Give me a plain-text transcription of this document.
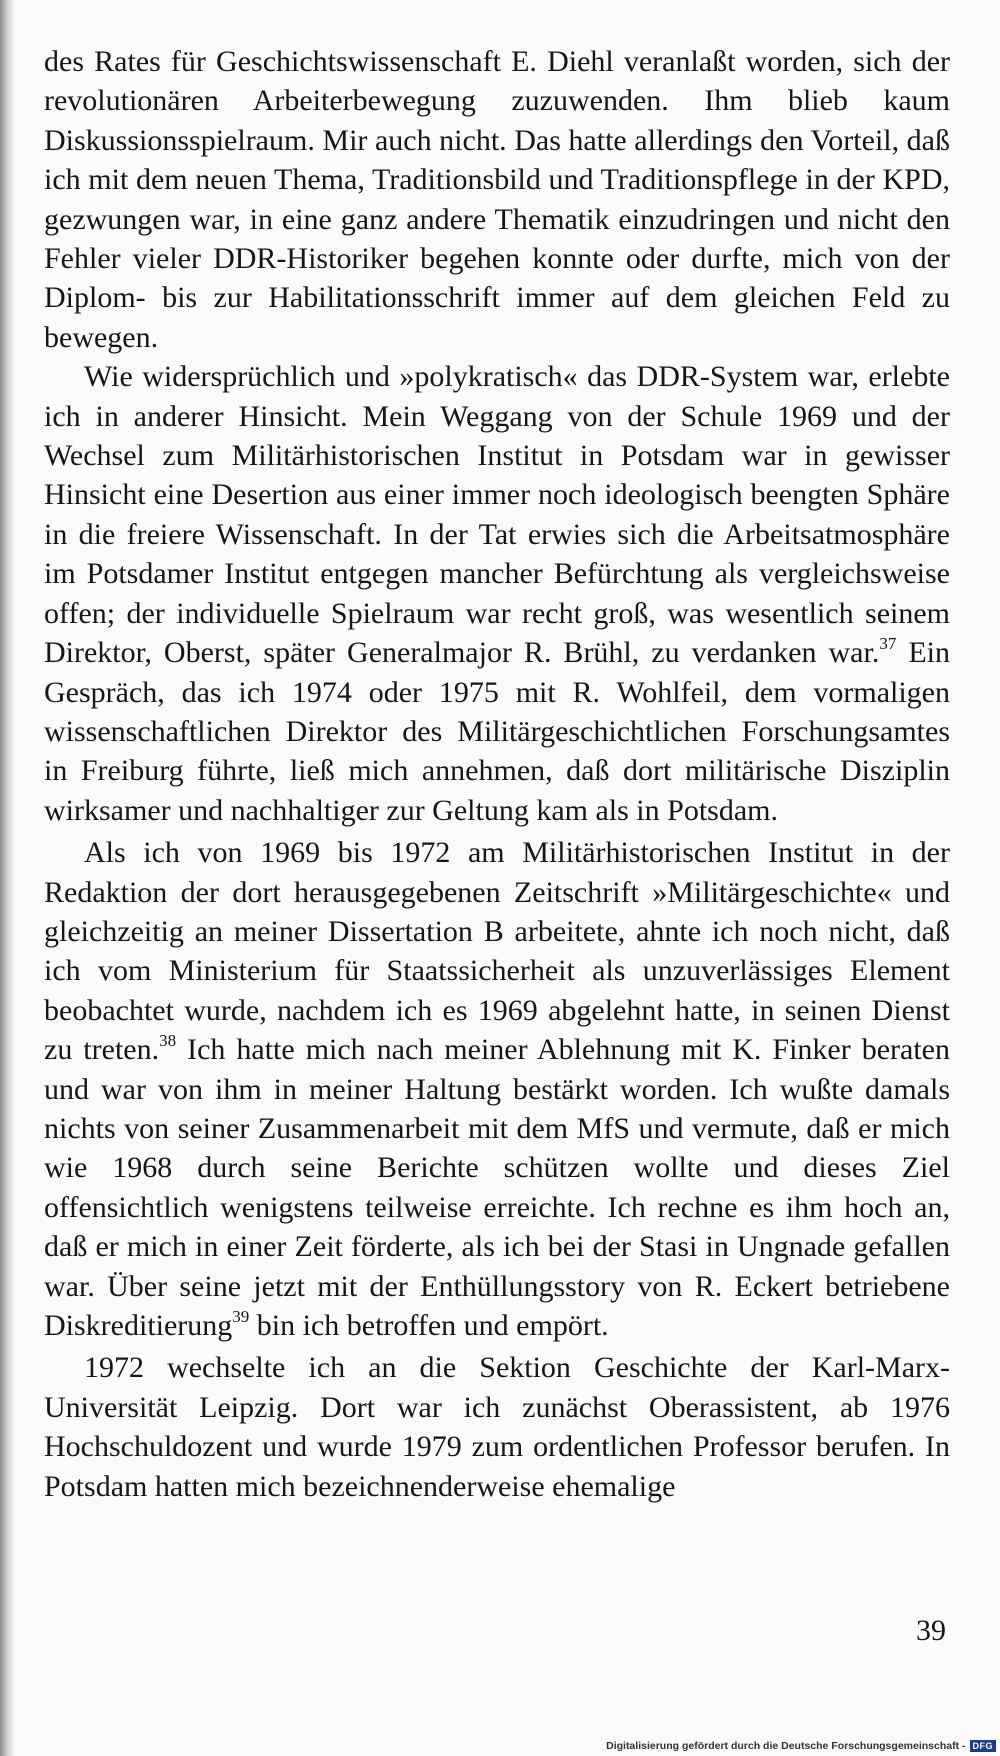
des Rates für Geschichtswissenschaft E. Diehl veranlaßt worden, sich der revolutionären Arbeiterbewegung zuzuwenden. Ihm blieb kaum Diskussionsspielraum. Mir auch nicht. Das hatte allerdings den Vorteil, daß ich mit dem neuen Thema, Traditionsbild und Traditionspflege in der KPD, gezwungen war, in eine ganz andere Thematik einzudringen und nicht den Fehler vieler DDR-Historiker begehen konnte oder durfte, mich von der Diplom- bis zur Habilitationsschrift immer auf dem gleichen Feld zu bewegen.

Wie widersprüchlich und »polykratisch« das DDR-System war, erlebte ich in anderer Hinsicht. Mein Weggang von der Schule 1969 und der Wechsel zum Militärhistorischen Institut in Potsdam war in gewisser Hinsicht eine Desertion aus einer immer noch ideologisch beengten Sphäre in die freiere Wissenschaft. In der Tat erwies sich die Arbeitsatmosphäre im Potsdamer Institut entgegen mancher Befürchtung als vergleichsweise offen; der individuelle Spielraum war recht groß, was wesentlich seinem Direktor, Oberst, später Generalmajor R. Brühl, zu verdanken war.$^{37}$ Ein Gespräch, das ich 1974 oder 1975 mit R. Wohlfeil, dem vormaligen wissenschaftlichen Direktor des Militärgeschichtlichen Forschungsamtes in Freiburg führte, ließ mich annehmen, daß dort militärische Disziplin wirksamer und nachhaltiger zur Geltung kam als in Potsdam.

Als ich von 1969 bis 1972 am Militärhistorischen Institut in der Redaktion der dort herausgegebenen Zeitschrift »Militärgeschichte« und gleichzeitig an meiner Dissertation B arbeitete, ahnte ich noch nicht, daß ich vom Ministerium für Staatssicherheit als unzuverlässiges Element beobachtet wurde, nachdem ich es 1969 abgelehnt hatte, in seinen Dienst zu treten.$^{38}$ Ich hatte mich nach meiner Ablehnung mit K. Finker beraten und war von ihm in meiner Haltung bestärkt worden. Ich wußte damals nichts von seiner Zusammenarbeit mit dem MfS und vermute, daß er mich wie 1968 durch seine Berichte schützen wollte und dieses Ziel offensichtlich wenigstens teilweise erreichte. Ich rechne es ihm hoch an, daß er mich in einer Zeit förderte, als ich bei der Stasi in Ungnade gefallen war. Über seine jetzt mit der Enthüllungsstory von R. Eckert betriebene Diskreditierung$^{39}$ bin ich betroffen und empört.

1972 wechselte ich an die Sektion Geschichte der Karl-Marx-Universität Leipzig. Dort war ich zunächst Oberassistent, ab 1976 Hochschuldozent und wurde 1979 zum ordentlichen Professor berufen. In Potsdam hatten mich bezeichnenderweise ehemalige

39
Digitalisierung gefördert durch die Deutsche Forschungsgemeinschaft - DFG
